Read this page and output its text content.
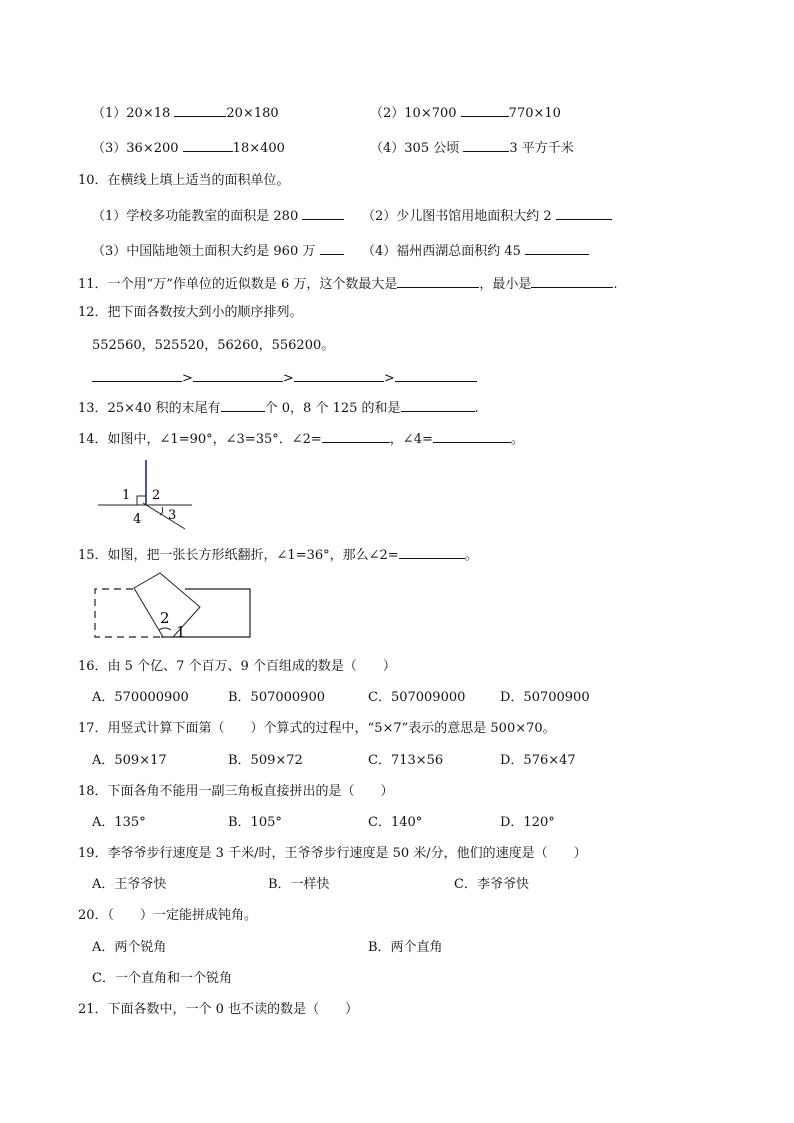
（1）20×18	20×180	（2）10×700	770×10
（3）36×200	18×400	（4）305 公顷	3 平方千米
10．在横线上填上适当的面积单位。
（1）学校多功能教室的面积是 280	（2）少儿图书馆用地面积大约 2
（3）中国陆地领土面积大约是 960 万	（4）福州西湖总面积约 45
11．一个用“万”作单位的近似数是 6 万，这个数最大是	，最小是	.
12．把下面各数按大到小的顺序排列。
552560，525520，56260，556200。
>	>	>
13．25×40 积的末尾有	个 0，8 个 125 的和是	.
14．如图中，∠1=90°，∠3=35°．∠2=	，∠4=	。
1 2
3
4
15．如图，把一张长方形纸翻折，∠1=36°，那么∠2=	。
2
1
16．由 5 个亿、7 个百万、9 个百组成的数是（　　）
A．570000900	B．507000900	C．507009000	D．50700900
17．用竖式计算下面第（　　）个算式的过程中，“5×7”表示的意思是 500×70。
A．509×17	B．509×72	C．713×56	D．576×47
18．下面各角不能用一副三角板直接拼出的是（　　）
A．135°	B．105°	C．140°	D．120°
19．李爷爷步行速度是 3 千米/时，王爷爷步行速度是 50 米/分，他们的速度是（　　）
A．王爷爷快	B．一样快	C．李爷爷快
20．（　　）一定能拼成钝角。
A．两个锐角	B．两个直角
C．一个直角和一个锐角
21．下面各数中，一个 0 也不读的数是（　　）
